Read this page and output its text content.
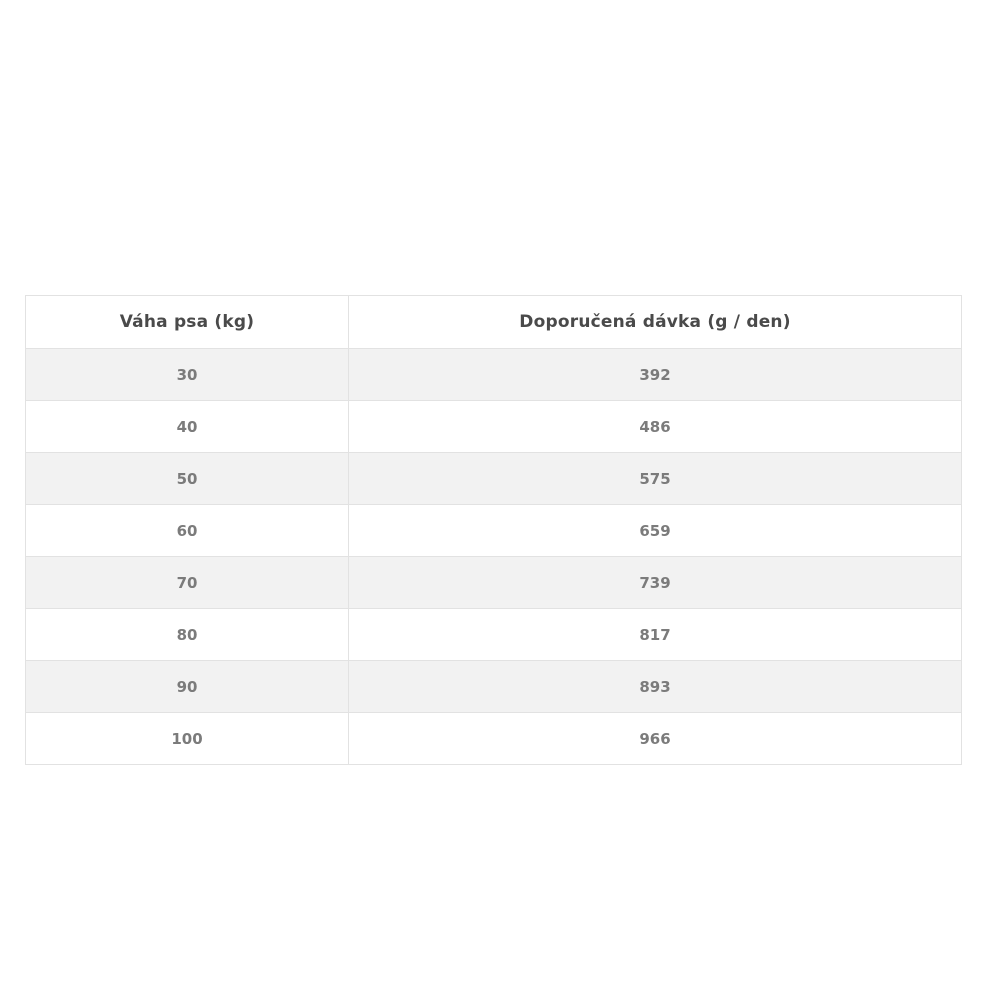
Váha psa (kg)	Doporučená dávka (g / den)
30	392
40	486
50	575
60	659
70	739
80	817
90	893
100	966
